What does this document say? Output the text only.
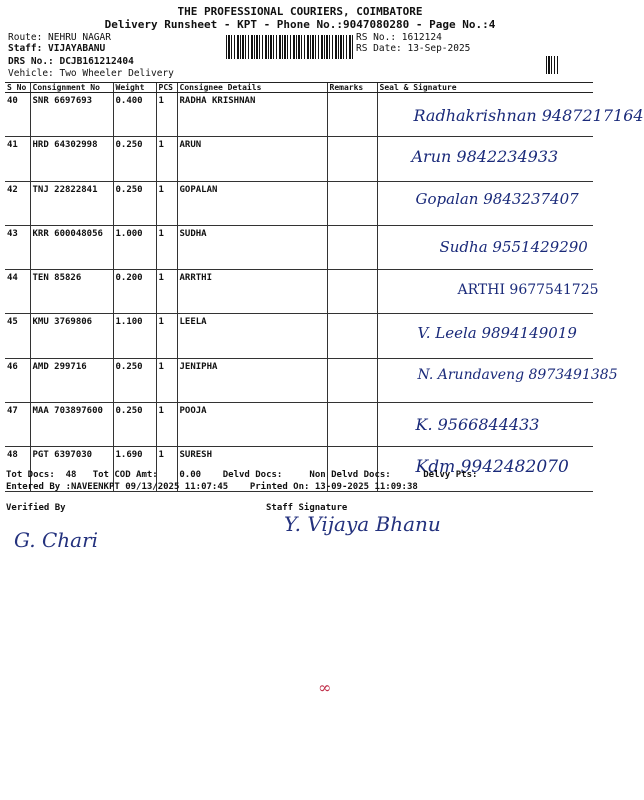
THE PROFESSIONAL COURIERS, COIMBATORE
Delivery Runsheet - KPT - Phone No.:9047080280 - Page No.:4
Route: NEHRU NAGAR
Staff: VIJAYABANU
DRS No.: DCJB161212404
Vehicle: Two Wheeler Delivery
RS No.: 1612124
RS Date: 13-Sep-2025
S No	Consignment No	Weight	PCS	Consignee Details	Remarks	Seal & Signature
40	SNR 6697693	0.400	1	RADHA KRISHNAN		Radhakrishnan 9487217164

41	HRD 64302998	0.250	1	ARUN		Arun 9842234933

42	TNJ 22822841	0.250	1	GOPALAN		Gopalan 9843237407

43	KRR 600048056	1.000	1	SUDHA		Sudha 9551429290

44	TEN 85826	0.200	1	ARRTHI		ARTHI 9677541725

45	KMU 3769806	1.100	1	LEELA		V. Leela 9894149019

46	AMD 299716	0.250	1	JENIPHA		N. Arundaveng 8973491385

47	MAA 703897600	0.250	1	POOJA		K. 9566844433

48	PGT 6397030	1.690	1	SURESH		Kdm 9942482070
Tot Docs:  48   Tot COD Amt:    0.00    Delvd Docs:     Non Delvd Docs:      Delvy Pts:
Entered By :NAVEENKPT 09/13/2025 11:07:45    Printed On: 13-09-2025 11:09:38
Verified By
G. Chari
Staff Signature
Y. Vijaya Bhanu
∞
